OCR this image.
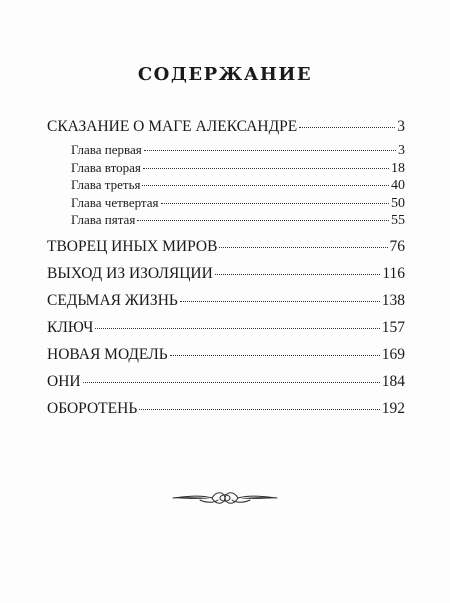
СОДЕРЖАНИЕ
СКАЗАНИЕ О МАГЕ АЛЕКСАНДРЕ	3
Глава первая	3
Глава вторая	18
Глава третья	40
Глава четвертая	50
Глава пятая	55
ТВОРЕЦ ИНЫХ МИРОВ	76
ВЫХОД ИЗ ИЗОЛЯЦИИ	116
СЕДЬМАЯ ЖИЗНЬ	138
КЛЮЧ	157
НОВАЯ МОДЕЛЬ	169
ОНИ	184
ОБОРОТЕНЬ	192
